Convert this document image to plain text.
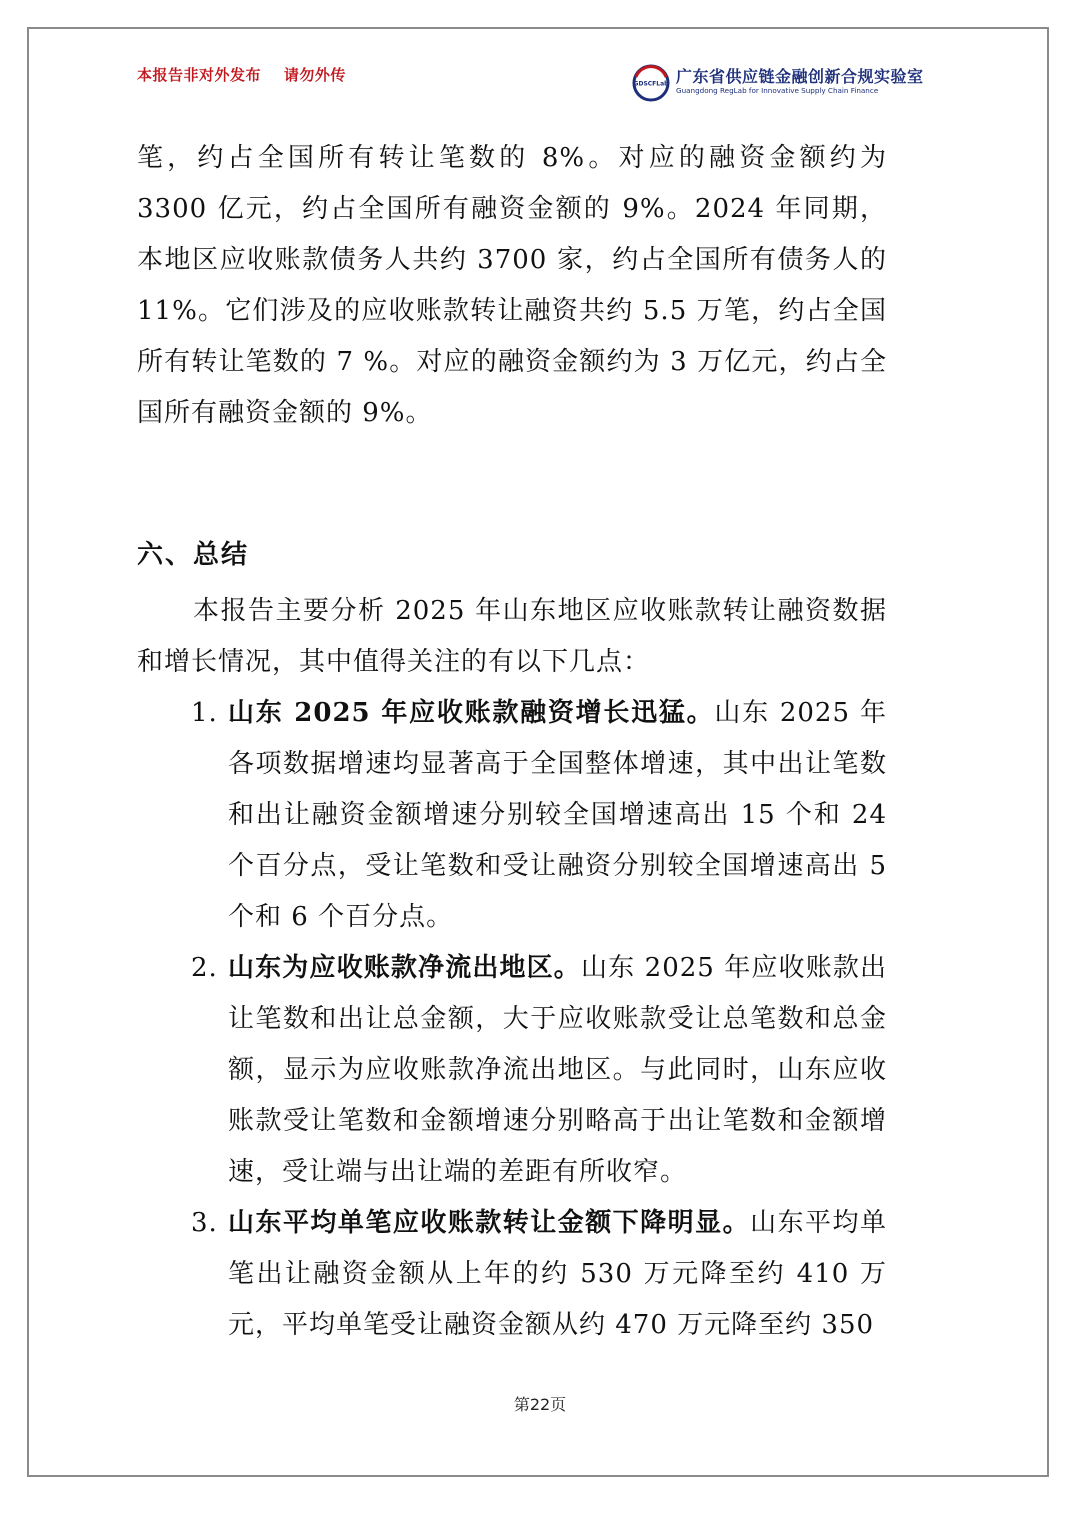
本报告非对外发布    请勿外传	GDSCFLab 广东省供应链金融创新合规实验室
Guangdong RegLab for Innovative Supply Chain Finance
笔，约占全国所有转让笔数的 8%。对应的融资金额约为 3300 亿元，约占全国所有融资金额的 9%。2024 年同期，本地区应收账款债务人共约 3700 家，约占全国所有债务人的 11%。它们涉及的应收账款转让融资共约 5.5 万笔，约占全国所有转让笔数的 7 %。对应的融资金额约为 3 万亿元，约占全国所有融资金额的 9%。
六、总结
本报告主要分析 2025 年山东地区应收账款转让融资数据和增长情况，其中值得关注的有以下几点：
1. 山东 2025 年应收账款融资增长迅猛。山东 2025 年各项数据增速均显著高于全国整体增速，其中出让笔数和出让融资金额增速分别较全国增速高出 15 个和 24 个百分点，受让笔数和受让融资分别较全国增速高出 5 个和 6 个百分点。
2. 山东为应收账款净流出地区。山东 2025 年应收账款出让笔数和出让总金额，大于应收账款受让总笔数和总金额，显示为应收账款净流出地区。与此同时，山东应收账款受让笔数和金额增速分别略高于出让笔数和金额增速，受让端与出让端的差距有所收窄。
3. 山东平均单笔应收账款转让金额下降明显。山东平均单笔出让融资金额从上年的约 530 万元降至约 410 万元，平均单笔受让融资金额从约 470 万元降至约 350
第22页
